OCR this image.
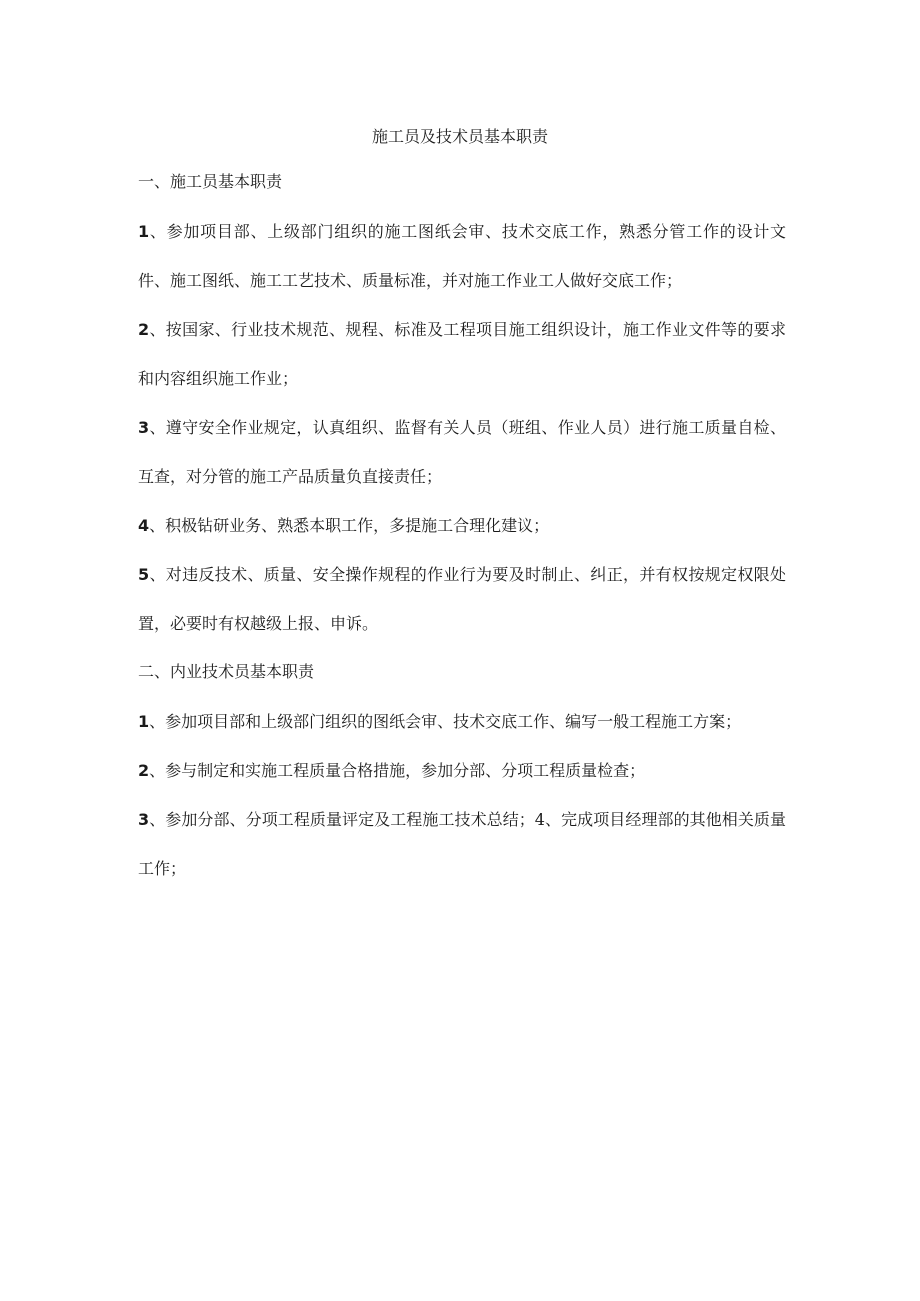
施工员及技术员基本职责
一、施工员基本职责

1、参加项目部、上级部门组织的施工图纸会审、技术交底工作，熟悉分管工作的设计文件、施工图纸、施工工艺技术、质量标准，并对施工作业工人做好交底工作；

2、按国家、行业技术规范、规程、标准及工程项目施工组织设计，施工作业文件等的要求和内容组织施工作业；

3、遵守安全作业规定，认真组织、监督有关人员（班组、作业人员）进行施工质量自检、互查，对分管的施工产品质量负直接责任；

4、积极钻研业务、熟悉本职工作，多提施工合理化建议；

5、对违反技术、质量、安全操作规程的作业行为要及时制止、纠正，并有权按规定权限处置，必要时有权越级上报、申诉。

二、内业技术员基本职责

1、参加项目部和上级部门组织的图纸会审、技术交底工作、编写一般工程施工方案；

2、参与制定和实施工程质量合格措施，参加分部、分项工程质量检查；

3、参加分部、分项工程质量评定及工程施工技术总结；4、完成项目经理部的其他相关质量工作；
